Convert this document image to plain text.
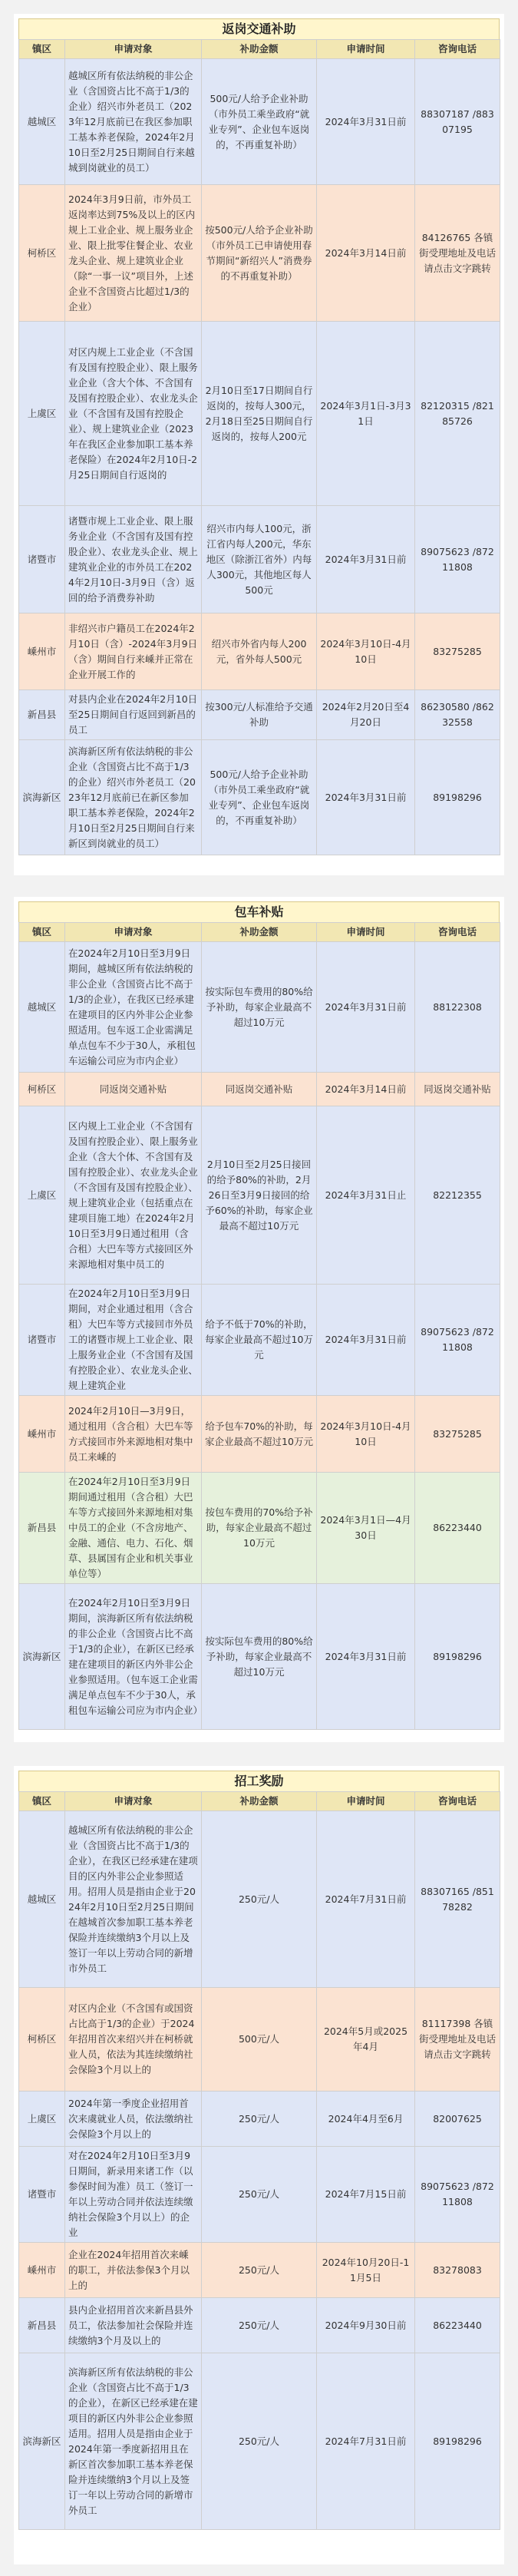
返岗交通补助
镇区	申请对象	补助金额	申请时间	咨询电话
越城区	越城区所有依法纳税的非公企业（含国资占比不高于1/3的企业）绍兴市外老员工（2023年12月底前已在我区参加职工基本养老保险，2024年2月10日至2月25日期间自行来越城到岗就业的员工）	500元/人给予企业补助（市外员工乘坐政府“就业专列”、企业包车返岗的，不再重复补助）	2024年3月31日前	88307187 /88307195
柯桥区	2024年3月9日前，市外员工返岗率达到75%及以上的区内规上工业企业、规上服务业企业、限上批零住餐企业、农业龙头企业、规上建筑业企业（除“一事一议”项目外，上述企业不含国资占比超过1/3的企业）	按500元/人给予企业补助（市外员工已申请使用春节期间“新绍兴人”消费券的不再重复补助）	2024年3月14日前	84126765 各镇街受理地址及电话请点击文字跳转
上虞区	对区内规上工业企业（不含国有及国有控股企业）、限上服务业企业（含大个体、不含国有及国有控股企业）、农业龙头企业（不含国有及国有控股企业）、规上建筑业企业（2023年在我区企业参加职工基本养老保险）在2024年2月10日-2月25日期间自行返岗的	2月10日至17日期间自行返岗的，按每人300元，2月18日至25日期间自行返岗的，按每人200元	2024年3月1日-3月31日	82120315 /82185726
诸暨市	诸暨市规上工业企业、限上服务业企业（不含国有及国有控股企业）、农业龙头企业、规上建筑业企业的市外员工在2024年2月10日-3月9日（含）返回的给予消费券补助	绍兴市内每人100元，浙江省内每人200元，华东地区（除浙江省外）内每人300元，其他地区每人500元	2024年3月31日前	89075623 /87211808
嵊州市	非绍兴市户籍员工在2024年2月10日（含）-2024年3月9日（含）期间自行来嵊并正常在企业开展工作的	绍兴市外省内每人200元，省外每人500元	2024年3月10日-4月10日	83275285
新昌县	对县内企业在2024年2月10日至25日期间自行返回到新昌的员工	按300元/人标准给予交通补助	2024年2月20日至4月20日	86230580 /86232558
滨海新区	滨海新区所有依法纳税的非公企业（含国资占比不高于1/3的企业）绍兴市外老员工（2023年12月底前已在新区参加职工基本养老保险，2024年2月10日至2月25日期间自行来新区到岗就业的员工）	500元/人给予企业补助（市外员工乘坐政府“就业专列”、企业包车返岗的，不再重复补助）	2024年3月31日前	89198296
包车补贴
镇区	申请对象	补助金额	申请时间	咨询电话
越城区	在2024年2月10日至3月9日期间，越城区所有依法纳税的非公企业（含国资占比不高于1/3的企业），在我区已经承建在建项目的区内外非公企业参照适用。包车返工企业需满足单点包车不少于30人，承租包车运输公司应为市内企业）	按实际包车费用的80%给予补助，每家企业最高不超过10万元	2024年3月31日前	88122308
柯桥区	同返岗交通补贴	同返岗交通补贴	2024年3月14日前	同返岗交通补贴
上虞区	区内规上工业企业（不含国有及国有控股企业）、限上服务业企业（含大个体、不含国有及国有控股企业）、农业龙头企业（不含国有及国有控股企业）、规上建筑业企业（包括重点在建项目施工地）在2024年2月10日至3月9日通过租用（含合租）大巴车等方式接回区外来源地相对集中员工的	2月10日至2月25日接回的给予80%的补助，2月26日至3月9日接回的给予60%的补助，每家企业最高不超过10万元	2024年3月31日止	82212355
诸暨市	在2024年2月10日至3月9日期间，对企业通过租用（含合租）大巴车等方式接回市外员工的诸暨市规上工业企业、限上服务业企业（不含国有及国有控股企业）、农业龙头企业、规上建筑企业	给予不低于70%的补助，每家企业最高不超过10万元	2024年3月31日前	89075623 /87211808
嵊州市	2024年2月10日—3月9日，通过租用（含合租）大巴车等方式接回市外来源地相对集中员工来嵊的	给予包车70%的补助，每家企业最高不超过10万元	2024年3月10日-4月10日	83275285
新昌县	在2024年2月10日至3月9日期间通过租用（含合租）大巴车等方式接回外来源地相对集中员工的企业（不含房地产、金融、通信、电力、石化、烟草、县属国有企业和机关事业单位等）	按包车费用的70%给予补助，每家企业最高不超过10万元	2024年3月1日—4月30日	86223440
滨海新区	在2024年2月10日至3月9日期间，滨海新区所有依法纳税的非公企业（含国资占比不高于1/3的企业），在新区已经承建在建项目的新区内外非公企业参照适用。（包车返工企业需满足单点包车不少于30人，承租包车运输公司应为市内企业）	按实际包车费用的80%给予补助，每家企业最高不超过10万元	2024年3月31日前	89198296
招工奖励
镇区	申请对象	补助金额	申请时间	咨询电话
越城区	越城区所有依法纳税的非公企业（含国资占比不高于1/3的企业），在我区已经承建在建项目的区内外非公企业参照适用。招用人员是指由企业于2024年2月10日至2月25日期间在越城首次参加职工基本养老保险并连续缴纳3个月以上及签订一年以上劳动合同的新增市外员工	250元/人	2024年7月31日前	88307165 /85178282
柯桥区	对区内企业（不含国有或国资占比高于1/3的企业）于2024年招用首次来绍兴并在柯桥就业人员，依法为其连续缴纳社会保险3个月以上的	500元/人	2024年5月或2025年4月	81117398 各镇街受理地址及电话请点击文字跳转
上虞区	2024年第一季度企业招用首次来虞就业人员，依法缴纳社会保险3个月以上的	250元/人	2024年4月至6月	82007625
诸暨市	对在2024年2月10日至3月9日期间，新录用来诸工作（以参保时间为准）员工（签订一年以上劳动合同并依法连续缴纳社会保险3个月以上）的企业	250元/人	2024年7月15日前	89075623 /87211808
嵊州市	企业在2024年招用首次来嵊的职工，并依法参保3个月以上的	250元/人	2024年10月20日-11月5日	83278083
新昌县	县内企业招用首次来新昌县外员工，依法参加社会保险并连续缴纳3个月及以上的	250元/人	2024年9月30日前	86223440
滨海新区	滨海新区所有依法纳税的非公企业（含国资占比不高于1/3的企业），在新区已经承建在建项目的新区内外非公企业参照适用。招用人员是指由企业于2024年第一季度新招用且在新区首次参加职工基本养老保险并连续缴纳3个月以上及签订一年以上劳动合同的新增市外员工	250元/人	2024年7月31日前	89198296
